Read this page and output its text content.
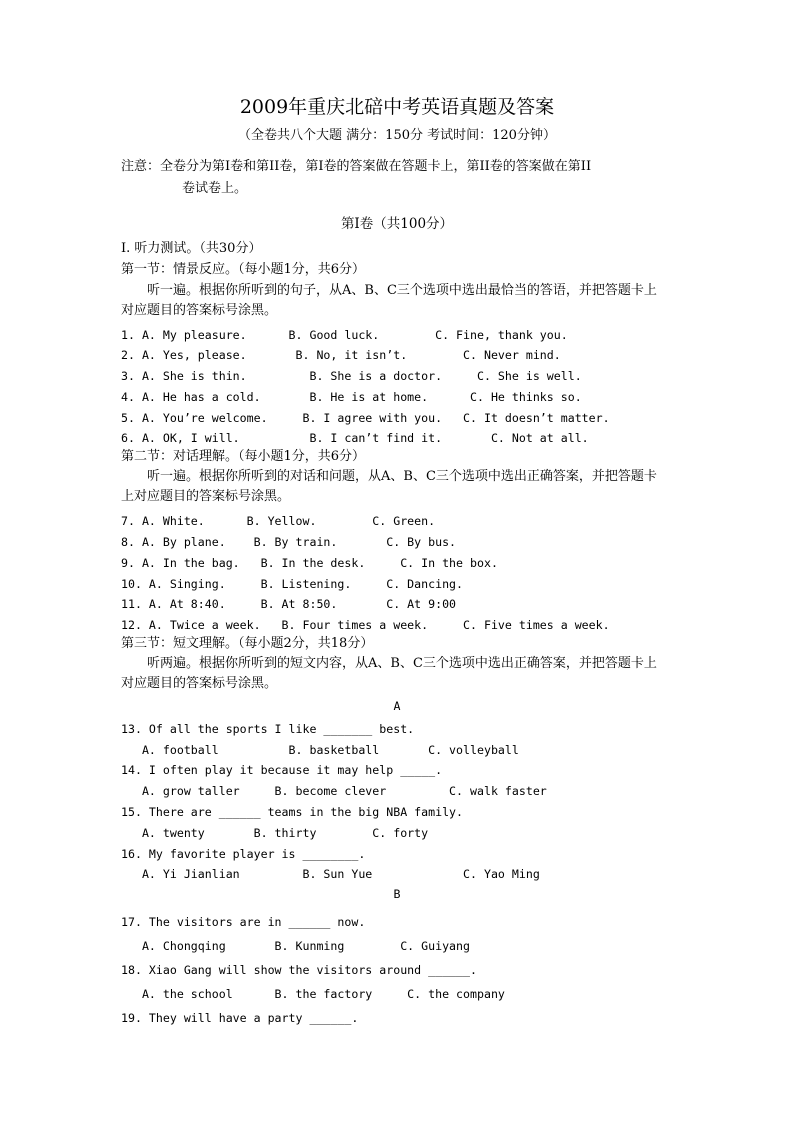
2009年重庆北碚中考英语真题及答案
（全卷共八个大题 满分：150分 考试时间：120分钟）
注意：全卷分为第I卷和第II卷，第I卷的答案做在答题卡上，第II卷的答案做在第II
卷试卷上。
第I卷（共100分）
I. 听力测试。（共30分）
第一节：情景反应。（每小题1分，共6分）
听一遍。根据你所听到的句子，从A、B、C三个选项中选出最恰当的答语，并把答题卡上对应题目的答案标号涂黑。
1. A. My pleasure.      B. Good luck.        C. Fine, thank you.
2. A. Yes, please.       B. No, it isn’t.        C. Never mind.
3. A. She is thin.         B. She is a doctor.     C. She is well.
4. A. He has a cold.       B. He is at home.      C. He thinks so.
5. A. You’re welcome.     B. I agree with you.   C. It doesn’t matter.
6. A. OK, I will.          B. I can’t find it.       C. Not at all.
第二节：对话理解。（每小题1分，共6分）
听一遍。根据你所听到的对话和问题，从A、B、C三个选项中选出正确答案，并把答题卡上对应题目的答案标号涂黑。
7. A. White.      B. Yellow.        C. Green.
8. A. By plane.    B. By train.       C. By bus.
9. A. In the bag.   B. In the desk.     C. In the box.
10. A. Singing.     B. Listening.     C. Dancing.
11. A. At 8:40.     B. At 8:50.       C. At 9:00
12. A. Twice a week.   B. Four times a week.     C. Five times a week.
第三节：短文理解。（每小题2分，共18分）
听两遍。根据你所听到的短文内容，从A、B、C三个选项中选出正确答案，并把答题卡上对应题目的答案标号涂黑。
A
13. Of all the sports I like _______ best.
A. football          B. basketball       C. volleyball
14. I often play it because it may help _____.
A. grow taller     B. become clever         C. walk faster
15. There are ______ teams in the big NBA family.
A. twenty       B. thirty        C. forty
16. My favorite player is ________.
A. Yi Jianlian         B. Sun Yue             C. Yao Ming
B
17. The visitors are in ______ now.
A. Chongqing       B. Kunming        C. Guiyang
18. Xiao Gang will show the visitors around ______.
A. the school      B. the factory     C. the company
19. They will have a party ______.
